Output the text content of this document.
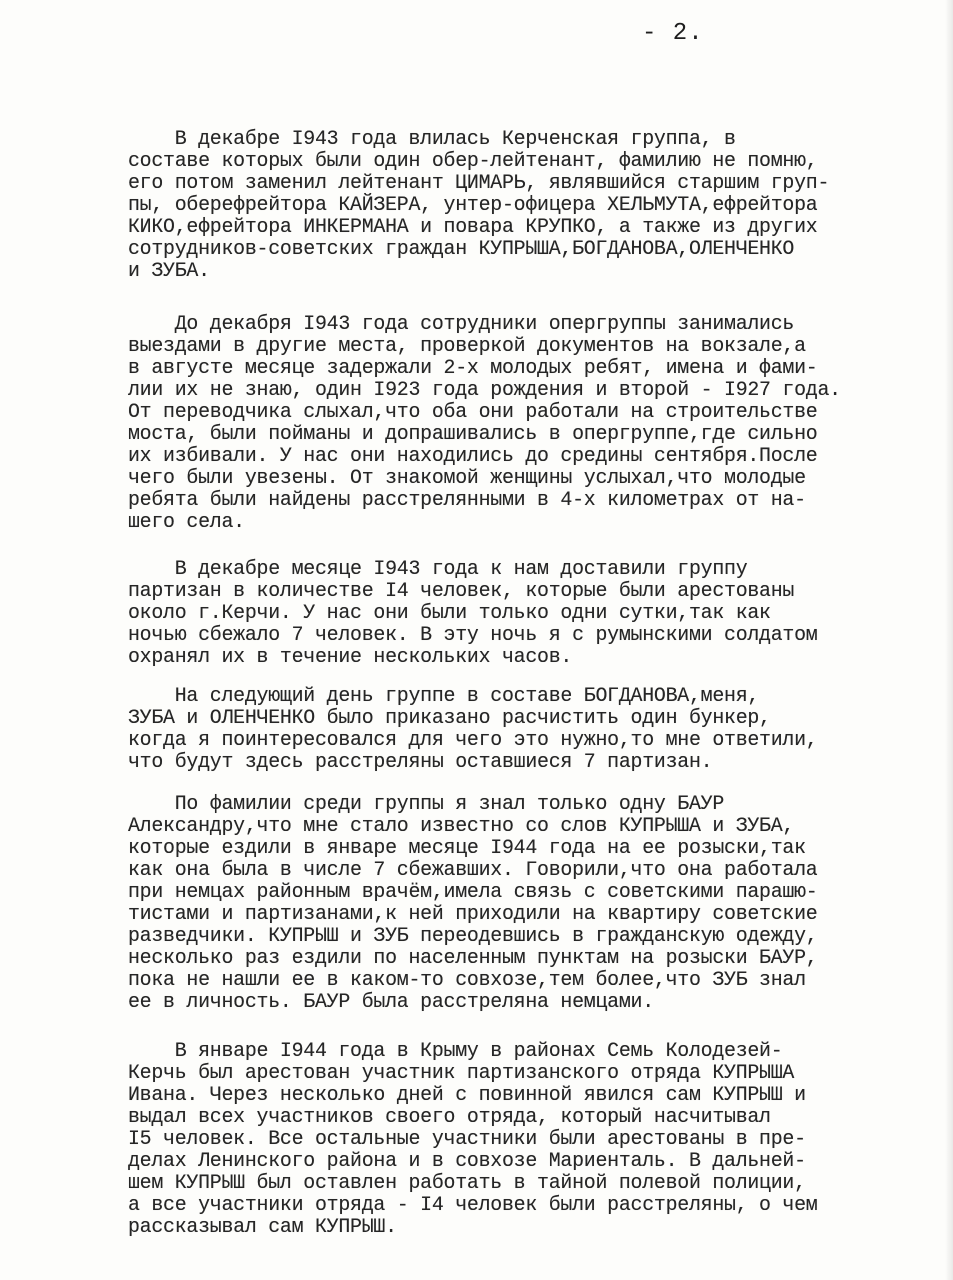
- 2.
В декабре I943 года влилась Керченская группа, в
составе которых были один обер-лейтенант, фамилию не помню,
его потом заменил лейтенант ЦИМАРЬ, являвшийся старшим груп-
пы, оберефрейтора КАЙЗЕРА, унтер-офицера ХЕЛЬМУТА,ефрейтора
КИКО,ефрейтора ИНКЕРМАНА и повара КРУПКО, а также из других
сотрудников-советских граждан КУПРЫША,БОГДАНОВА,ОЛЕНЧЕНКО
и ЗУБА.
До декабря I943 года сотрудники опергруппы занимались
выездами в другие места, проверкой документов на вокзале,а
в августе месяце задержали 2-х молодых ребят, имена и фами-
лии их не знаю, один I923 года рождения и второй - I927 года.
От переводчика слыхал,что оба они работали на строительстве
моста, были пойманы и допрашивались в опергруппе,где сильно
их избивали. У нас они находились до средины сентября.После
чего были увезены. От знакомой женщины услыхал,что молодые
ребята были найдены расстрелянными в 4-х километрах от на-
шего села.
В декабре месяце I943 года к нам доставили группу
партизан в количестве I4 человек, которые были арестованы
около г.Керчи. У нас они были только одни сутки,так как
ночью сбежало 7 человек. В эту ночь я с румынскими солдатом
охранял их в течение нескольких часов.
На следующий день группе в составе БОГДАНОВА,меня,
ЗУБА и ОЛЕНЧЕНКО было приказано расчистить один бункер,
когда я поинтересовался для чего это нужно,то мне ответили,
что будут здесь расстреляны оставшиеся 7 партизан.
По фамилии среди группы я знал только одну БАУР
Александру,что мне стало известно со слов КУПРЫША и ЗУБА,
которые ездили в январе месяце I944 года на ее розыски,так
как она была в числе 7 сбежавших. Говорили,что она работала
при немцах районным врачём,имела связь с советскими парашю-
тистами и партизанами,к ней приходили на квартиру советские
разведчики. КУПРЫШ и ЗУБ переодевшись в гражданскую одежду,
несколько раз ездили по населенным пунктам на розыски БАУР,
пока не нашли ее в каком-то совхозе,тем более,что ЗУБ знал
ее в личность. БАУР была расстреляна немцами.
В январе I944 года в Крыму в районах Семь Колодезей-
Керчь был арестован участник партизанского отряда КУПРЫША
Ивана. Через несколько дней с повинной явился сам КУПРЫШ и
выдал всех участников своего отряда, который насчитывал
I5 человек. Все остальные участники были арестованы в пре-
делах Ленинского района и в совхозе Мариенталь. В дальней-
шем КУПРЫШ был оставлен работать в тайной полевой полиции,
а все участники отряда - I4 человек были расстреляны, о чем
рассказывал сам КУПРЫШ.
